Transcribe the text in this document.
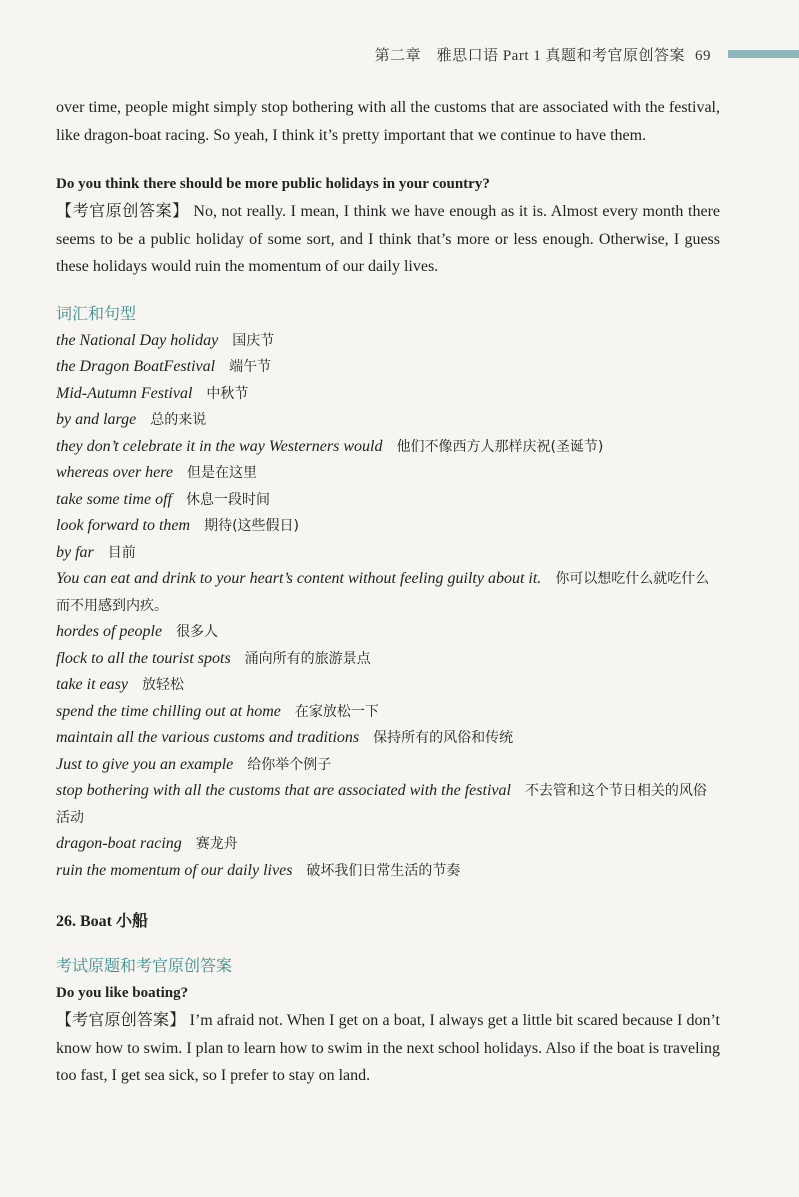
第二章　雅思口语 Part 1 真题和考官原创答案 69

over time, people might simply stop bothering with all the customs that are associated with the festival, like dragon-boat racing. So yeah, I think it’s pretty important that we continue to have them.

Do you think there should be more public holidays in your country?

【考官原创答案】 No, not really. I mean, I think we have enough as it is. Almost every month there seems to be a public holiday of some sort, and I think that’s more or less enough. Otherwise, I guess these holidays would ruin the momentum of our daily lives.

词汇和句型

the National Day holiday 国庆节
the Dragon BoatFestival 端午节
Mid-Autumn Festival 中秋节
by and large 总的来说
they don’t celebrate it in the way Westerners would 他们不像西方人那样庆祝(圣诞节)
whereas over here 但是在这里
take some time off 休息一段时间
look forward to them 期待(这些假日)
by far 目前
You can eat and drink to your heart’s content without feeling guilty about it. 你可以想吃什么就吃什么而不用感到内疚。
hordes of people 很多人
flock to all the tourist spots 涌向所有的旅游景点
take it easy 放轻松
spend the time chilling out at home 在家放松一下
maintain all the various customs and traditions 保持所有的风俗和传统
Just to give you an example 给你举个例子
stop bothering with all the customs that are associated with the festival 不去管和这个节日相关的风俗活动
dragon-boat racing 赛龙舟
ruin the momentum of our daily lives 破坏我们日常生活的节奏

26. Boat 小船

考试原题和考官原创答案

Do you like boating?

【考官原创答案】 I’m afraid not. When I get on a boat, I always get a little bit scared because I don’t know how to swim. I plan to learn how to swim in the next school holidays. Also if the boat is traveling too fast, I get sea sick, so I prefer to stay on land.
